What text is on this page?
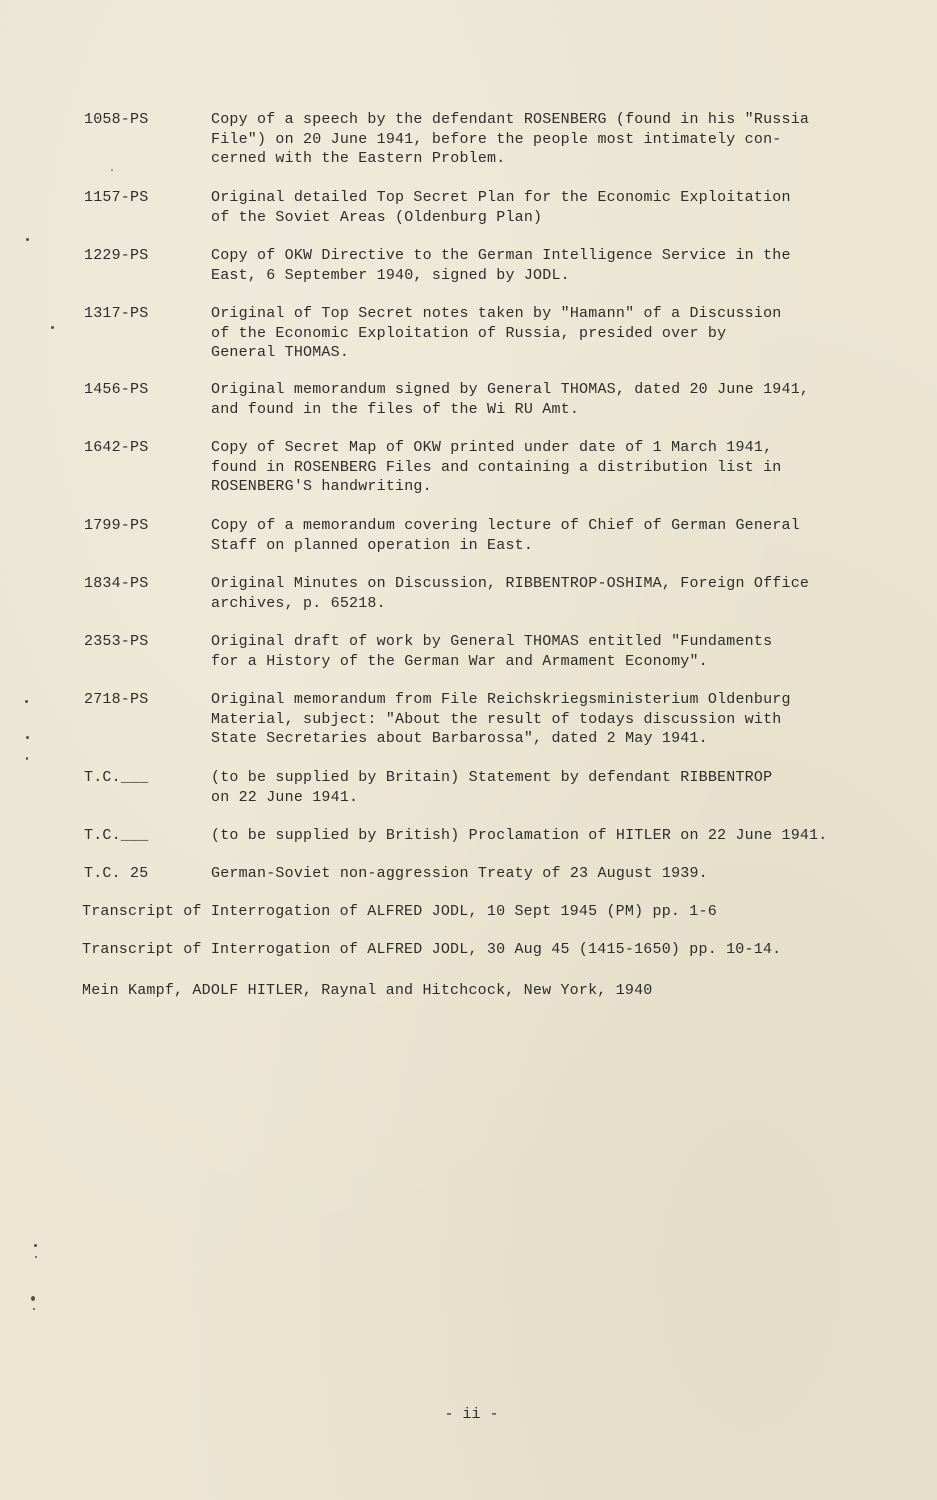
1058-PS	Copy of a speech by the defendant ROSENBERG (found in his "Russia
File") on 20 June 1941, before the people most intimately con-
cerned with the Eastern Problem.
1157-PS	Original detailed Top Secret Plan for the Economic Exploitation
of the Soviet Areas (Oldenburg Plan)
1229-PS	Copy of OKW Directive to the German Intelligence Service in the
East, 6 September 1940, signed by JODL.
1317-PS	Original of Top Secret notes taken by "Hamann" of a Discussion
of the Economic Exploitation of Russia, presided over by
General THOMAS.
1456-PS	Original memorandum signed by General THOMAS, dated 20 June 1941,
and found in the files of the Wi RU Amt.
1642-PS	Copy of Secret Map of OKW printed under date of 1 March 1941,
found in ROSENBERG Files and containing a distribution list in
ROSENBERG'S handwriting.
1799-PS	Copy of a memorandum covering lecture of Chief of German General
Staff on planned operation in East.
1834-PS	Original Minutes on Discussion, RIBBENTROP-OSHIMA, Foreign Office
archives, p. 65218.
2353-PS	Original draft of work by General THOMAS entitled "Fundaments
for a History of the German War and Armament Economy".
2718-PS	Original memorandum from File Reichskriegsministerium Oldenburg
Material, subject: "About the result of todays discussion with
State Secretaries about Barbarossa", dated 2 May 1941.
T.C.___	(to be supplied by Britain) Statement by defendant RIBBENTROP
on 22 June 1941.
T.C.___	(to be supplied by British) Proclamation of HITLER on 22 June 1941.
T.C. 25	German-Soviet non-aggression Treaty of 23 August 1939.
Transcript of Interrogation of ALFRED JODL, 10 Sept 1945 (PM) pp. 1-6
Transcript of Interrogation of ALFRED JODL, 30 Aug 45 (1415-1650) pp. 10-14.
Mein Kampf, ADOLF HITLER, Raynal and Hitchcock, New York, 1940
- ii -
